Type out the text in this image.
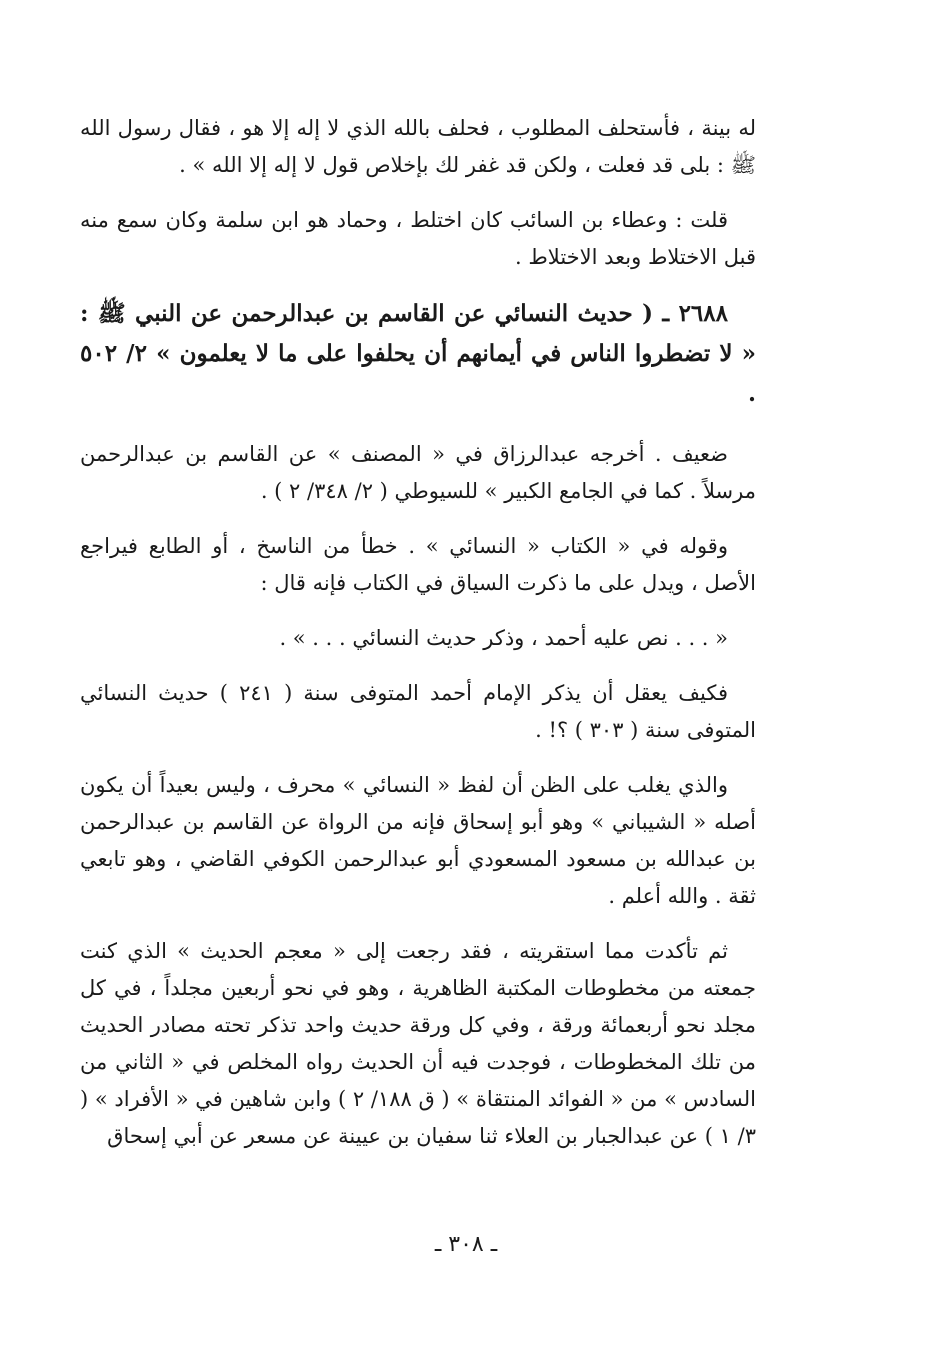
له بينة ، فأستحلف المطلوب ، فحلف بالله الذي لا إله إلا هو ، فقال رسول الله ﷺ : بلى قد فعلت ، ولكن قد غفر لك بإخلاص قول لا إله إلا الله » .

قلت : وعطاء بن السائب كان اختلط ، وحماد هو ابن سلمة وكان سمع منه قبل الاختلاط وبعد الاختلاط .

٢٦٨٨ ـ ( حديث النسائي عن القاسم بن عبدالرحمن عن النبي ﷺ : « لا تضطروا الناس في أيمانهم أن يحلفوا على ما لا يعلمون » ٢/ ٥٠٢ .

ضعيف . أخرجه عبدالرزاق في « المصنف » عن القاسم بن عبدالرحمن مرسلاً . كما في الجامع الكبير » للسيوطي ( ٢/ ٣٤٨/ ٢ ) .

وقوله في « الكتاب « النسائي » . خطأ من الناسخ ، أو الطابع فيراجع الأصل ، ويدل على ما ذكرت السياق في الكتاب فإنه قال :

« . . . نص عليه أحمد ، وذكر حديث النسائي . . . » .

فكيف يعقل أن يذكر الإمام أحمد المتوفى سنة ( ٢٤١ ) حديث النسائي المتوفى سنة ( ٣٠٣ ) ؟! .

والذي يغلب على الظن أن لفظ « النسائي » محرف ، وليس بعيداً أن يكون أصله « الشيباني » وهو أبو إسحاق فإنه من الرواة عن القاسم بن عبدالرحمن بن عبدالله بن مسعود المسعودي أبو عبدالرحمن الكوفي القاضي ، وهو تابعي ثقة . والله أعلم .

ثم تأكدت مما استقريته ، فقد رجعت إلى « معجم الحديث » الذي كنت جمعته من مخطوطات المكتبة الظاهرية ، وهو في نحو أربعين مجلداً ، في كل مجلد نحو أربعمائة ورقة ، وفي كل ورقة حديث واحد تذكر تحته مصادر الحديث من تلك المخطوطات ، فوجدت فيه أن الحديث رواه المخلص في « الثاني من السادس » من « الفوائد المنتقاة » ( ق ١٨٨/ ٢ ) وابن شاهين في « الأفراد » ( ٣/ ١ ) عن عبدالجبار بن العلاء ثنا سفيان بن عيينة عن مسعر عن أبي إسحاق

ـ ٣٠٨ ـ
